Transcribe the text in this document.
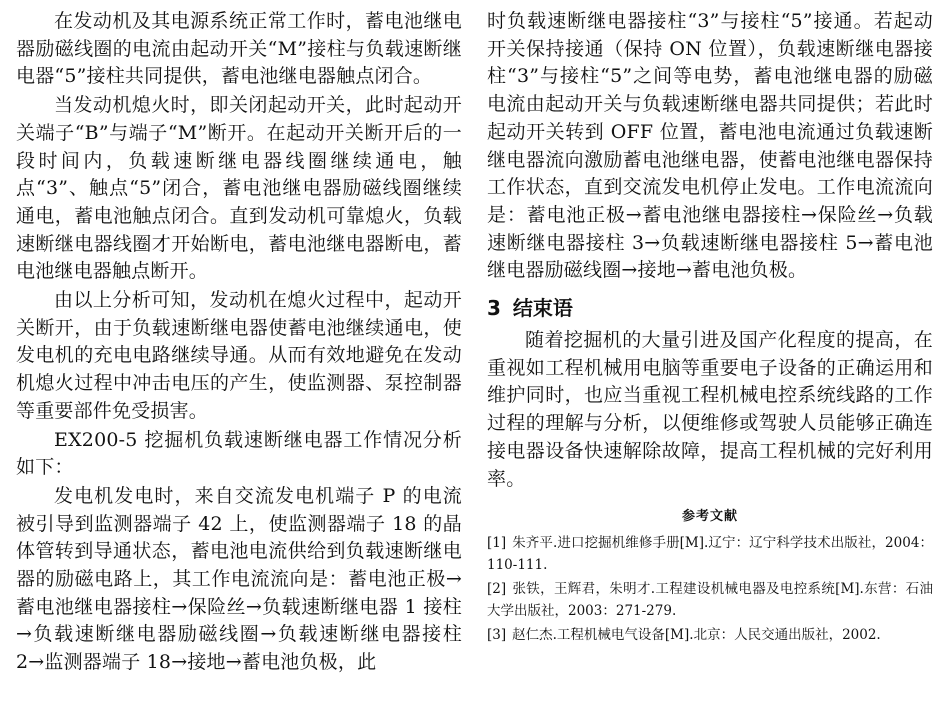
在发动机及其电源系统正常工作时，蓄电池继电器励磁线圈的电流由起动开关“M”接柱与负载速断继电器“5”接柱共同提供，蓄电池继电器触点闭合。

当发动机熄火时，即关闭起动开关，此时起动开关端子“B”与端子“M”断开。在起动开关断开后的一段时间内，负载速断继电器线圈继续通电，触点“3”、触点“5”闭合，蓄电池继电器励磁线圈继续通电，蓄电池触点闭合。直到发动机可靠熄火，负载速断继电器线圈才开始断电，蓄电池继电器断电，蓄电池继电器触点断开。

由以上分析可知，发动机在熄火过程中，起动开关断开，由于负载速断继电器使蓄电池继续通电，使发电机的充电电路继续导通。从而有效地避免在发动机熄火过程中冲击电压的产生，使监测器、泵控制器等重要部件免受损害。

EX200-5 挖掘机负载速断继电器工作情况分析如下：

发电机发电时，来自交流发电机端子 P 的电流被引导到监测器端子 42 上，使监测器端子 18 的晶体管转到导通状态，蓄电池电流供给到负载速断继电器的励磁电路上，其工作电流流向是：蓄电池正极→蓄电池继电器接柱→保险丝→负载速断继电器 1 接柱→负载速断继电器励磁线圈→负载速断继电器接柱 2→监测器端子 18→接地→蓄电池负极，此

时负载速断继电器接柱“3”与接柱“5”接通。若起动开关保持接通（保持 ON 位置），负载速断继电器接柱“3”与接柱“5”之间等电势，蓄电池继电器的励磁电流由起动开关与负载速断继电器共同提供；若此时起动开关转到 OFF 位置，蓄电池电流通过负载速断继电器流向激励蓄电池继电器，使蓄电池继电器保持工作状态，直到交流发电机停止发电。工作电流流向是：蓄电池正极→蓄电池继电器接柱→保险丝→负载速断继电器接柱 3→负载速断继电器接柱 5→蓄电池继电器励磁线圈→接地→蓄电池负极。

3 结束语

随着挖掘机的大量引进及国产化程度的提高，在重视如工程机械用电脑等重要电子设备的正确运用和维护同时，也应当重视工程机械电控系统线路的工作过程的理解与分析，以便维修或驾驶人员能够正确连接电器设备快速解除故障，提高工程机械的完好利用率。

参考文献

[1] 朱齐平.进口挖掘机维修手册[M].辽宁：辽宁科学技术出版社，2004：110-111.

[2] 张铁，王辉君，朱明才.工程建设机械电器及电控系统[M].东营：石油大学出版社，2003：271-279.

[3] 赵仁杰.工程机械电气设备[M].北京：人民交通出版社，2002.
